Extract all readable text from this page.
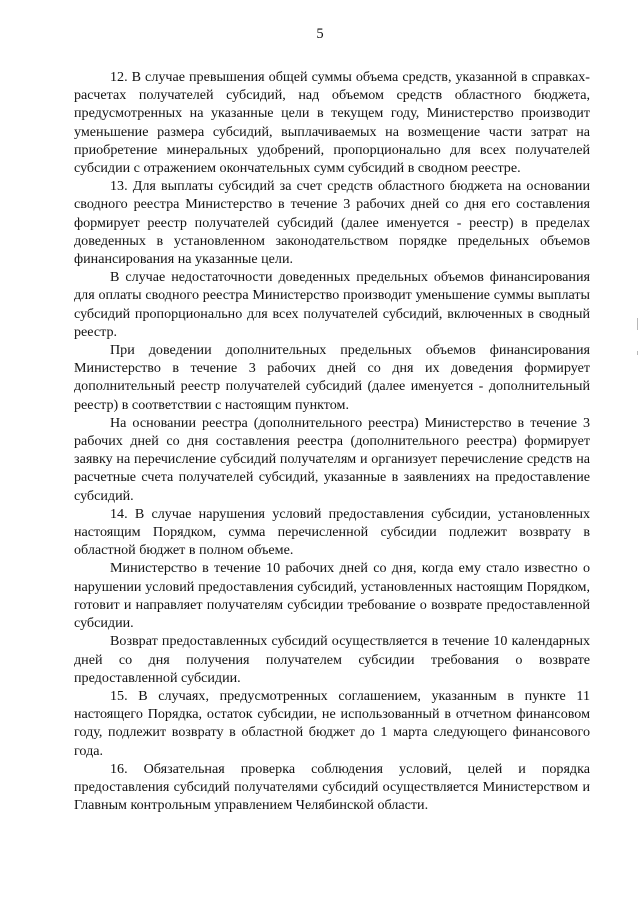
5

12. В случае превышения общей суммы объема средств, указанной в справках-расчетах получателей субсидий, над объемом средств областного бюджета, предусмотренных на указанные цели в текущем году, Министерство производит уменьшение размера субсидий, выплачиваемых на возмещение части затрат на приобретение минеральных удобрений, пропорционально для всех получателей субсидии с отражением окончательных сумм субсидий в сводном реестре.

13. Для выплаты субсидий за счет средств областного бюджета на основании сводного реестра Министерство в течение 3 рабочих дней со дня его составления формирует реестр получателей субсидий (далее именуется - реестр) в пределах доведенных в установленном законодательством порядке предельных объемов финансирования на указанные цели.

В случае недостаточности доведенных предельных объемов финансирования для оплаты сводного реестра Министерство производит уменьшение суммы выплаты субсидий пропорционально для всех получателей субсидий, включенных в сводный реестр.

При доведении дополнительных предельных объемов финансирования Министерство в течение 3 рабочих дней со дня их доведения формирует дополнительный реестр получателей субсидий (далее именуется - дополнительный реестр) в соответствии с настоящим пунктом.

На основании реестра (дополнительного реестра) Министерство в течение 3 рабочих дней со дня составления реестра (дополнительного реестра) формирует заявку на перечисление субсидий получателям и организует перечисление средств на расчетные счета получателей субсидий, указанные в заявлениях на предоставление субсидий.

14. В случае нарушения условий предоставления субсидии, установленных настоящим Порядком, сумма перечисленной субсидии подлежит возврату в областной бюджет в полном объеме.

Министерство в течение 10 рабочих дней со дня, когда ему стало известно о нарушении условий предоставления субсидий, установленных настоящим Порядком, готовит и направляет получателям субсидии требование о возврате предоставленной субсидии.

Возврат предоставленных субсидий осуществляется в течение 10 календарных дней со дня получения получателем субсидии требования о возврате предоставленной субсидии.

15. В случаях, предусмотренных соглашением, указанным в пункте 11 настоящего Порядка, остаток субсидии, не использованный в отчетном финансовом году, подлежит возврату в областной бюджет до 1 марта следующего финансового года.

16. Обязательная проверка соблюдения условий, целей и порядка предоставления субсидий получателями субсидий осуществляется Министерством и Главным контрольным управлением Челябинской области.
